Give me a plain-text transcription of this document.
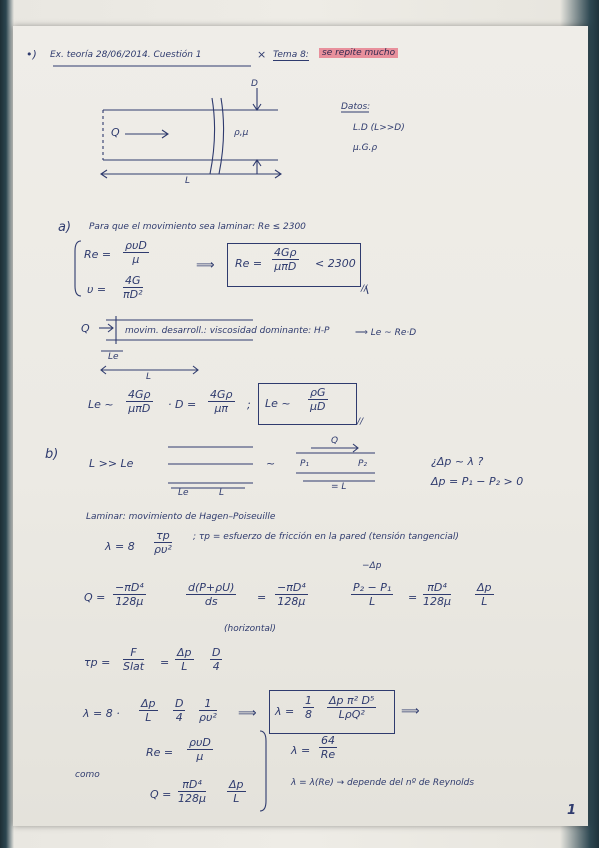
•) Ex. teoría 28/06/2014. Cuestión 1	× Tema 8:	se repite mucho
Q	ρ,μ
D
L
Datos:
L.D (L>>D)
μ.G.ρ
a) Para que el movimiento sea laminar: Re ≤ 2300
Re =
ρυD
μ
$\upsilon = \frac{4G}{\text{πD²}}$
⟹ Re =
4Gρ
μπD < 2300
//
Q	movim. desarroll.: viscosidad dominante: H-P
Le
L
⟹ Le ~ Re·D
Le ~
4Gρ
$\mu\pi D \cdot D = \frac{4G\rho}{\mu\pi}$ ; Le ~ $\frac{\rho G}{\mu D}$
//
b)
L >> Le
Le	L
~
Q
P₁	P₂
= L
¿Δp ~ λ ?
Δp = P₁ − P₂ > 0
Laminar: movimiento de Hagen–Poiseuille
$\lambda = 8 \frac{\tau p}{\text{ρυ²}}$ ; τp = esfuerzo de fricción en la pared (tensión tangencial)
$Q = \frac{\text{−πD⁴}}{128\mu}$	$\frac{d(P+\rho U)}{ds}$
(horizontal)
= $\frac{\text{−πD⁴}}{128\mu}$
−Δp
$\frac{\text{P₂ − P₁}}{L} = \frac{\text{πD⁴}}{128\mu} \frac{\Delta p}{L}$
τp =
F
Slat = $\frac{\Delta p}{L} \frac{D}{4}$
$\lambda = 8 \cdot \frac{\Delta p}{L} \frac{D}{4} \frac{1}{\text{ρυ²}}$ ⟹ $\lambda = \frac{1}{8}$ Δp π² D⁵
LρQ²	⟹
como
Re =
ρυD
μ
$Q = \frac{\text{πD⁴}}{128\mu} \frac{\Delta p}{L}$
$\lambda = \frac{64}{Re}$
λ = λ(Re) → depende del nº de Reynolds
1
